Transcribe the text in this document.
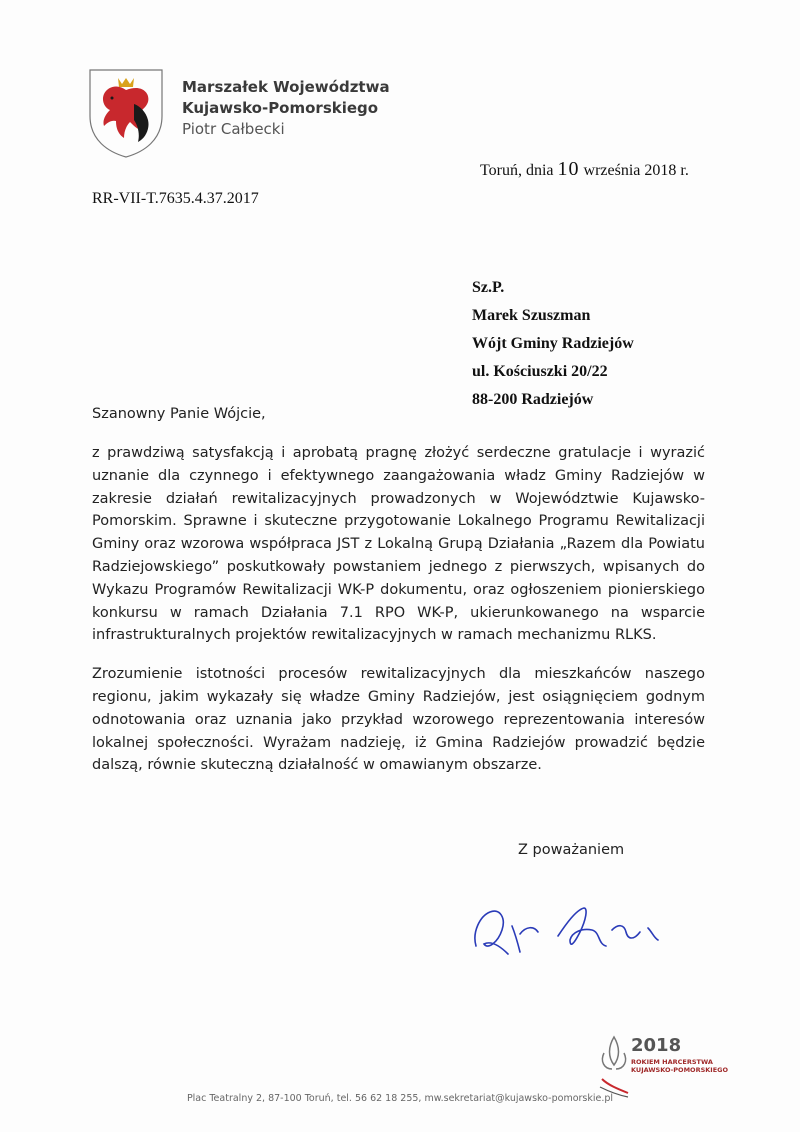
Marszałek Województwa
Kujawsko-Pomorskiego
Piotr Całbecki
Toruń, dnia 10 września 2018 r.
RR-VII-T.7635.4.37.2017
Sz.P.
Marek Szuszman
Wójt Gminy Radziejów
ul. Kościuszki 20/22
88-200 Radziejów
Szanowny Panie Wójcie,

z prawdziwą satysfakcją i aprobatą pragnę złożyć serdeczne gratulacje i wyrazić uznanie dla czynnego i efektywnego zaangażowania władz Gminy Radziejów w zakresie działań rewitalizacyjnych prowadzonych w Województwie Kujawsko-Pomorskim. Sprawne i skuteczne przygotowanie Lokalnego Programu Rewitalizacji Gminy oraz wzorowa współpraca JST z Lokalną Grupą Działania „Razem dla Powiatu Radziejowskiego” poskutkowały powstaniem jednego z pierwszych, wpisanych do Wykazu Programów Rewitalizacji WK-P dokumentu, oraz ogłoszeniem pionierskiego konkursu w ramach Działania 7.1 RPO WK-P, ukierunkowanego na wsparcie infrastrukturalnych projektów rewitalizacyjnych w ramach mechanizmu RLKS.

Zrozumienie istotności procesów rewitalizacyjnych dla mieszkańców naszego regionu, jakim wykazały się władze Gminy Radziejów, jest osiągnięciem godnym odnotowania oraz uznania jako przykład wzorowego reprezentowania interesów lokalnej społeczności. Wyrażam nadzieję, iż Gmina Radziejów prowadzić będzie dalszą, równie skuteczną działalność w omawianym obszarze.

Z poważaniem
2018
ROKIEM HARCERSTWA
KUJAWSKO-POMORSKIEGO
Plac Teatralny 2, 87-100 Toruń, tel. 56 62 18 255, mw.sekretariat@kujawsko-pomorskie.pl
